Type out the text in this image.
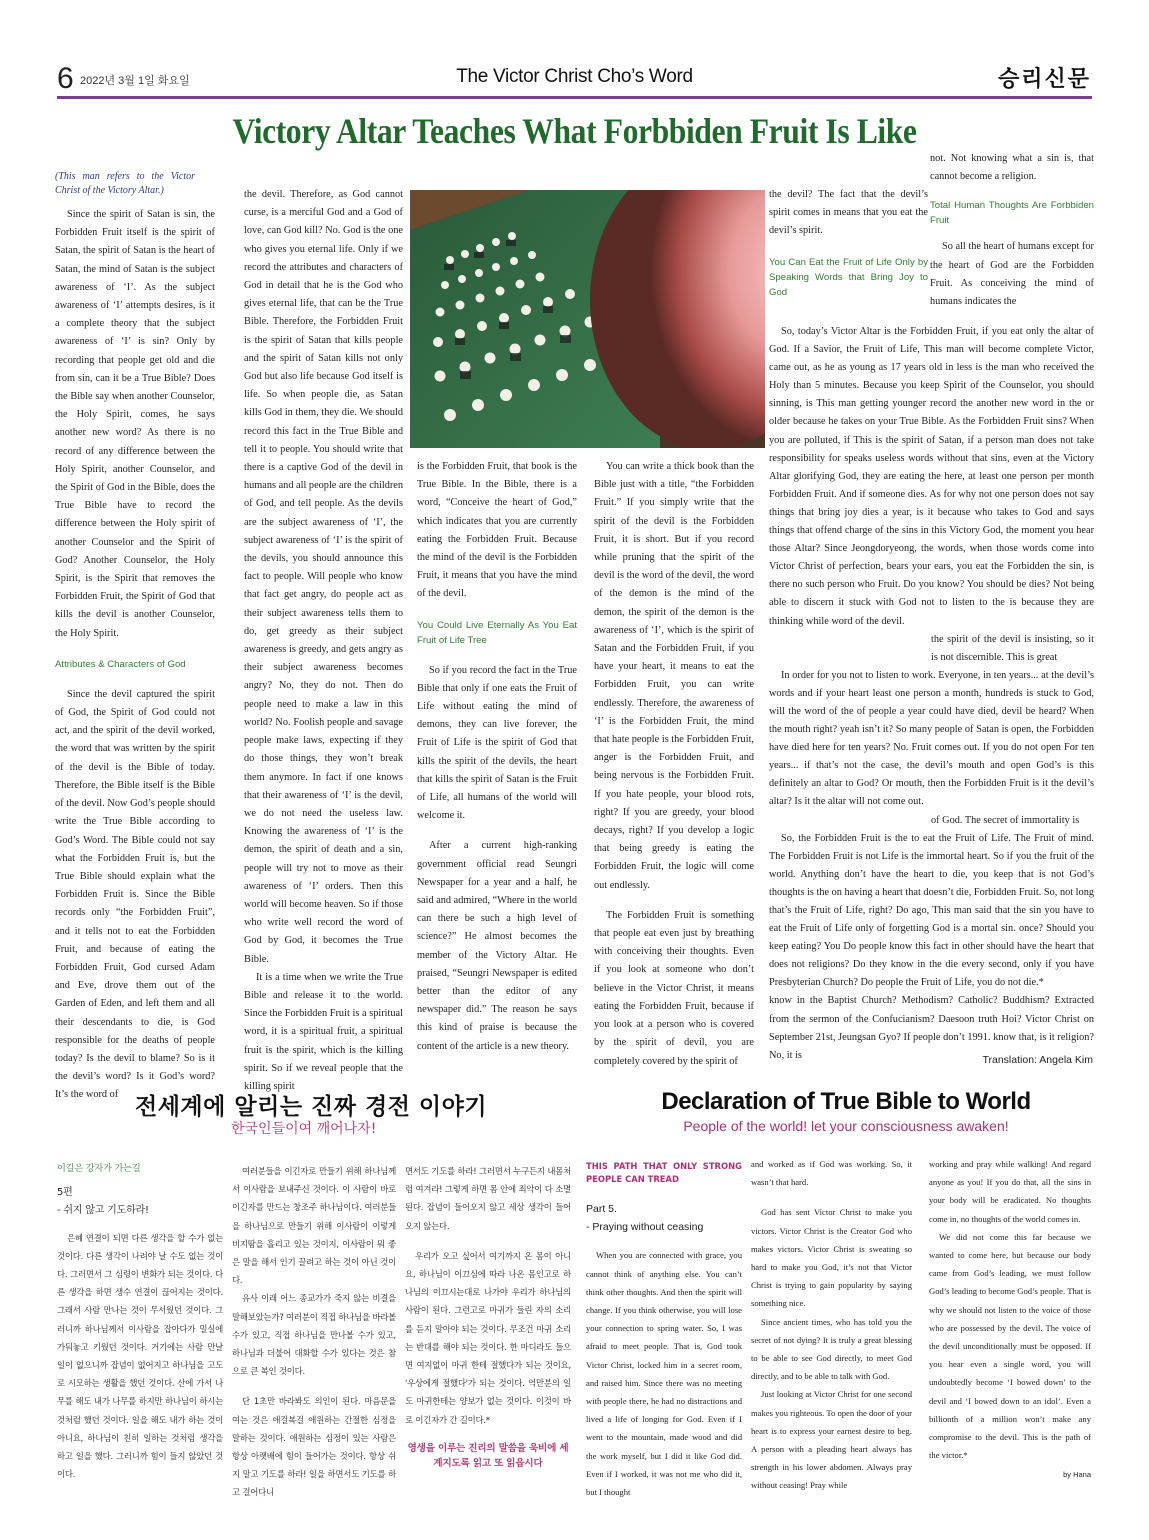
6 2022년 3월 1일 화요일	The Victor Christ Cho’s Word	승리신문
Victory Altar Teaches What Forbbiden Fruit Is Like
(This man refers to the Victor Christ of the Victory Altar.)

Since the spirit of Satan is sin, the Forbidden Fruit itself is the spirit of Satan, the spirit of Satan is the heart of Satan, the mind of Satan is the subject awareness of ‘I’. As the subject awareness of ‘I’ attempts desires, is it a complete theory that the subject awareness of ‘I’ is sin? Only by recording that people get old and die from sin, can it be a True Bible? Does the Bible say when another Counselor, the Holy Spirit, comes, he says another new word? As there is no record of any difference between the Holy Spirit, another Counselor, and the Spirit of God in the Bible, does the True Bible have to record the difference between the Holy spirit of another Counselor and the Spirit of God? Another Counselor, the Holy Spirit, is the Spirit that removes the Forbidden Fruit, the Spirit of God that kills the devil is another Counselor, the Holy Spirit.

Attributes & Characters of God

Since the devil captured the spirit of God, the Spirit of God could not act, and the spirit of the devil worked, the word that was written by the spirit of the devil is the Bible of today. Therefore, the Bible itself is the Bible of the devil. Now God’s people should write the True Bible according to God’s Word. The Bible could not say what the Forbidden Fruit is, but the True Bible should explain what the Forbidden Fruit is. Since the Bible records only “the Forbidden Fruit”, and it tells not to eat the Forbidden Fruit, and because of eating the Forbidden Fruit, God cursed Adam and Eve, drove them out of the Garden of Eden, and left them and all their descendants to die, is God responsible for the deaths of people today? Is the devil to blame? So is it the devil’s word? Is it God’s word? It’s the word of

the devil. Therefore, as God cannot curse, is a merciful God and a God of love, can God kill? No. God is the one who gives you eternal life. Only if we record the attributes and characters of God in detail that he is the God who gives eternal life, that can be the True Bible. Therefore, the Forbidden Fruit is the spirit of Satan that kills people and the spirit of Satan kills not only God but also life because God itself is life. So when people die, as Satan kills God in them, they die. We should record this fact in the True Bible and tell it to people. You should write that there is a captive God of the devil in humans and all people are the children of God, and tell people. As the devils are the subject awareness of ‘I’, the subject awareness of ‘I’ is the spirit of the devils, you should announce this fact to people. Will people who know that fact get angry, do people act as their subject awareness tells them to do, get greedy as their subject awareness is greedy, and gets angry as their subject awareness becomes angry? No, they do not. Then do people need to make a law in this world? No. Foolish people and savage people make laws, expecting if they do those things, they won’t break them anymore. In fact if one knows that their awareness of ‘I’ is the devil, we do not need the useless law. Knowing the awareness of ‘I’ is the demon, the spirit of death and a sin, people will try not to move as their awareness of ‘I’ orders. Then this world will become heaven. So if those who write well record the word of God by God, it becomes the True Bible.

It is a time when we write the True Bible and release it to the world. Since the Forbidden Fruit is a spiritual word, it is a spiritual fruit, a spiritual fruit is the spirit, which is the killing spirit. So if we reveal people that the killing spirit

is the Forbidden Fruit, that book is the True Bible. In the Bible, there is a word, “Conceive the heart of God,” which indicates that you are currently eating the Forbidden Fruit. Because the mind of the devil is the Forbidden Fruit, it means that you have the mind of the devil.

You Could Live Eternally As You Eat Fruit of Life Tree

So if you record the fact in the True Bible that only if one eats the Fruit of Life without eating the mind of demons, they can live forever, the Fruit of Life is the spirit of God that kills the spirit of the devils, the heart that kills the spirit of Satan is the Fruit of Life, all humans of the world will welcome it.

After a current high-ranking government official read Seungri Newspaper for a year and a half, he said and admired, “Where in the world can there be such a high level of science?” He almost becomes the member of the Victory Altar. He praised, “Seungri Newspaper is edited better than the editor of any newspaper did.” The reason he says this kind of praise is because the content of the article is a new theory.

You can write a thick book than the Bible just with a title, “the Forbidden Fruit.” If you simply write that the spirit of the devil is the Forbidden Fruit, it is short. But if you record while pruning that the spirit of the devil is the word of the devil, the word of the demon is the mind of the demon, the spirit of the demon is the awareness of ‘I’, which is the spirit of Satan and the Forbidden Fruit, if you have your heart, it means to eat the Forbidden Fruit, you can write endlessly. Therefore, the awareness of ‘I’ is the Forbidden Fruit, the mind that hate people is the Forbidden Fruit, anger is the Forbidden Fruit, and being nervous is the Forbidden Fruit. If you hate people, your blood rots, right? If you are greedy, your blood decays, right? If you develop a logic that being greedy is eating the Forbidden Fruit, the logic will come out endlessly.

The Forbidden Fruit is something that people eat even just by breathing with conceiving their thoughts. Even if you look at someone who don’t believe in the Victor Christ, it means eating the Forbidden Fruit, because if you look at a person who is covered by the spirit of devil, you are completely covered by the spirit of

the devil? The fact that the devil’s spirit comes in means that you eat the devil’s spirit.

You Can Eat the Fruit of Life Only by Speaking Words that Bring Joy to God

not. Not knowing what a sin is, that cannot become a religion.

Total Human Thoughts Are Forbbiden Fruit

So all the heart of humans except for the heart of God are the Forbidden Fruit. As conceiving the mind of humans indicates the

So, today’s Victor Altar is the Forbidden Fruit, if you eat only the altar of God. If a Savior, the Fruit of Life, This man will become complete Victor, came out, as he as young as 17 years old in less is the man who received the Holy than 5 minutes. Because you keep Spirit of the Counselor, you should sinning, is This man getting younger record the another new word in the or older because he takes on your True Bible. As the Forbidden Fruit sins? When you are polluted, if This is the spirit of Satan, if a person man does not take responsibility for speaks useless words without that sins, even at the Victory Altar glorifying God, they are eating the here, at least one person per month Forbidden Fruit. And if someone dies. As for why not one person does not say things that bring joy dies a year, is it because who takes to God and says things that offend charge of the sins in this Victory God, the moment you hear those Altar? Since Jeongdoryeong, the words, when those words come into Victor Christ of perfection, bears your ears, you eat the Forbidden the sin, is there no such person who Fruit. Do you know? You should be dies? Not being able to discern it stuck with God not to listen to the is because they are thinking while word of the devil.

the spirit of the devil is insisting, so it is not discernible. This is great

In order for you not to listen to work. Everyone, in ten years... at the devil’s words and if your heart least one person a month, hundreds is stuck to God, will the word of the of people a year could have died, devil be heard? When the mouth right? yeah isn’t it? So many people of Satan is open, the Forbidden have died here for ten years? No. Fruit comes out. If you do not open For ten years... if that’s not the case, the devil’s mouth and open God’s is this definitely an altar to God? Or mouth, then the Forbidden Fruit is it the devil’s altar? Is it the altar will not come out.

of God. The secret of immortality is

So, the Forbidden Fruit is the to eat the Fruit of Life. The Fruit of mind. The Forbidden Fruit is not Life is the immortal heart. So if you the fruit of the world. Anything don’t have the heart to die, you keep that is not God’s thoughts is the on having a heart that doesn’t die, Forbidden Fruit. So, not long that’s the Fruit of Life, right? Do ago, This man said that the sin you have to eat the Fruit of Life only of forgetting God is a mortal sin. once? Should you keep eating? You Do people know this fact in other should have the heart that does not religions? Do they know in the die every second, only if you have Presbyterian Church? Do people the Fruit of Life, you do not die.*

know in the Baptist Church? Methodism? Catholic? Buddhism? Extracted from the sermon of the Confucianism? Daesoon truth Hoi? Victor Christ on September 21st, Jeungsan Gyo? If people don’t 1991. know that, is it religion? No, it is	Translation: Angela Kim
전세계에 알리는 진짜 경전 이야기
한국인들이여 깨어나자!
Declaration of True Bible to World
People of the world! let your consciousness awaken!
이길은 강자가 가는길
5편
- 쉬지 않고 기도하라!

은혜 연결이 되면 다른 생각을 할 수가 없는 것이다. 다른 생각이 나려야 날 수도 없는 것이다. 그러면서 그 심령이 변화가 되는 것이다. 다른 생각을 하면 생수 연결이 끊어지는 것이다. 그래서 사람 만나는 것이 무서웠던 것이다. 그러니까 하나님께서 이사람을 잡아다가 밀실에 가둬놓고 키웠던 것이다. 거기에는 사람 만날 일이 없으니까 잡념이 없어지고 하나님을 고도로 시모하는 생활을 했던 것이다. 산에 가서 나무를 해도 내가 나무를 하지만 하나님이 하시는 것처럼 했던 것이다. 일을 해도 내가 하는 것이 아니요, 하나님이 친히 일하는 것처럼 생각을 하고 일을 했다. 그러니까 힘이 들지 않았던 것이다.

여러분들을 이긴자로 만들기 위해 하나님께서 이사람을 보내주신 것이다. 이 사람이 바로 이긴자를 만드는 창조주 하나님이다. 여러분들을 하나님으로 만들기 위해 이사람이 이렇게 비지땀을 흘리고 있는 것이지, 이사람이 뭐 좋은 말을 해서 인기 끌려고 하는 것이 아닌 것이다.

유사 이래 어느 종교가가 죽지 않는 비결을 말해보았는가? 여러분이 직접 하나님을 바라볼 수가 있고, 직접 하나님을 만나볼 수가 있고, 하나님과 더불어 대화할 수가 있다는 것은 참으로 큰 복인 것이다.

단 1초만 바라봐도 의인이 된다. 마음문을 여는 것은 애걸복걸 애원하는 간절한 심정을 말하는 것이다. 애원하는 심정이 있는 사람은 항상 아랫배에 힘이 들어가는 것이다. 항상 쉬지 말고 기도를 하라! 일을 하면서도 기도를 하고 걸어다니

면서도 기도를 하라! 그러면서 누구든지 내몸처럼 여겨라! 그렇게 하면 몸 안에 죄악이 다 소멸된다. 잡념이 들어오지 않고 세상 생각이 들어오지 않는다.

우리가 오고 싶어서 여기까지 온 몸이 아니요, 하나님이 이끄심에 따라 나온 몸인고로 하나님의 이끄시는대로 나가야 우리가 하나님의 사람이 된다. 그런고로 마귀가 들린 자의 소리를 듣지 말아야 되는 것이다. 무조건 마귀 소리는 반대를 해야 되는 것이다. 한 마디라도 들으면 여지없이 마귀 한테 절했다가 되는 것이요, '우상에게 절했다'가 되는 것이다. 억만분의 일도 마귀한테는 양보가 없는 것이다. 이것이 바로 이긴자가 간 길이다.*

영생을 이루는 진리의 말씀을 욱비에 세계지도록 읽고 또 읽읍시다
THIS PATH THAT ONLY STRONG PEOPLE CAN TREAD
Part 5.
- Praying without ceasing

When you are connected with grace, you cannot think of anything else. You can’t think other thoughts. And then the spirit will change. If you think otherwise, you will lose your connection to spring water. So, I was afraid to meet people. That is, God took Victor Christ, locked him in a secret room, and raised him. Since there was no meeting with people there, he had no distractions and lived a life of longing for God. Even if I went to the mountain, made wood and did the work myself, but I did it like God did. Even if I worked, it was not me who did it, but I thought

and worked as if God was working. So, it wasn’t that hard.

God has sent Victor Christ to make you victors. Victor Christ is the Creator God who makes victors. Victor Christ is sweating so hard to make you God, it’s not that Victor Christ is trying to gain popularity by saying something nice.

Since ancient times, who has told you the secret of not dying? It is truly a great blessing to be able to see God directly, to meet God directly, and to be able to talk with God.

Just looking at Victor Christ for one second makes you righteous. To open the door of your heart is to express your earnest desire to beg. A person with a pleading heart always has strength in his lower abdomen. Always pray without ceasing! Pray while

working and pray while walking! And regard anyone as you! If you do that, all the sins in your body will be eradicated. No thoughts come in, no thoughts of the world comes in.

We did not come this far because we wanted to come here, but because our body came from God’s leading, we must follow God’s leading to become God’s people. That is why we should not listen to the voice of those who are possessed by the devil. The voice of the devil unconditionally must be opposed. If you hear even a single word, you will undoubtedly become ‘I bowed down’ to the devil and ‘I bowed down to an idol’. Even a billionth of a million won’t make any compromise to the devil. This is the path of the victor.*

by Hana
